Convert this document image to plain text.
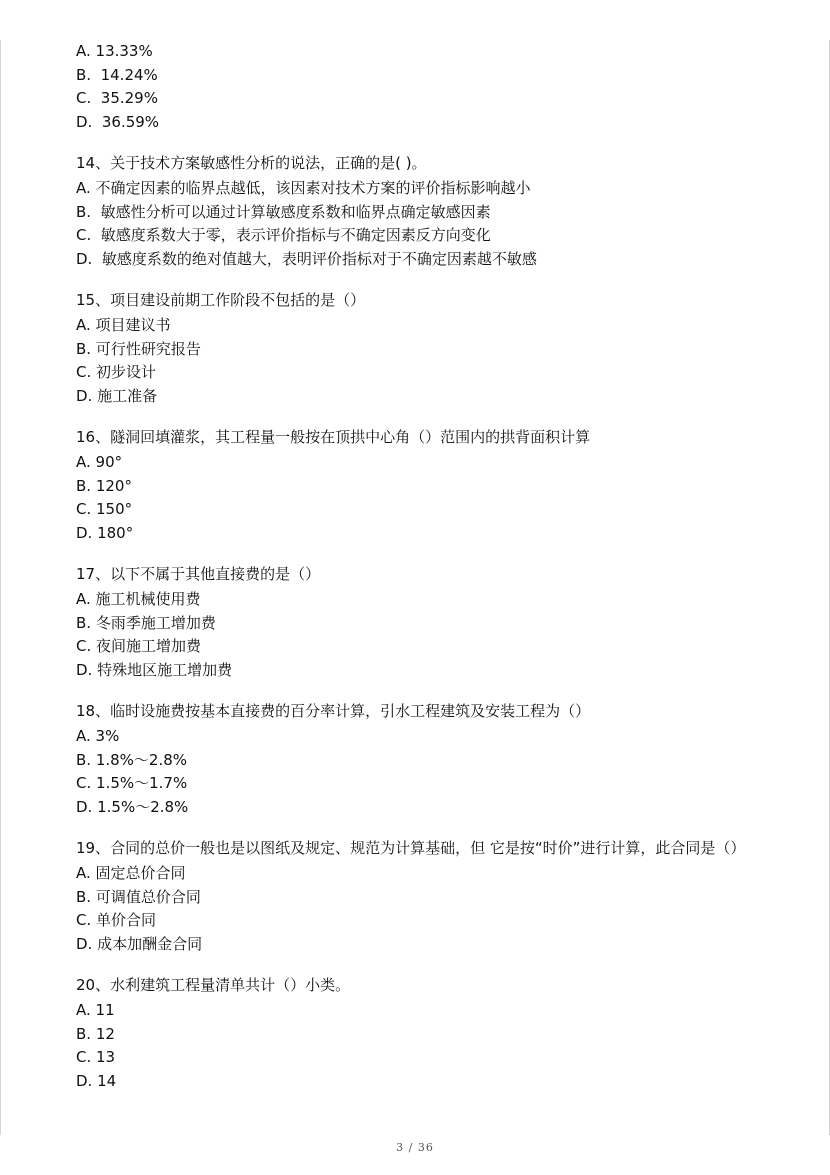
A. 13.33%
B.  14.24%
C.  35.29%
D.  36.59%
14、关于技术方案敏感性分析的说法，正确的是( )。
A. 不确定因素的临界点越低，该因素对技术方案的评价指标影响越小
B.  敏感性分析可以通过计算敏感度系数和临界点确定敏感因素
C.  敏感度系数大于零，表示评价指标与不确定因素反方向变化
D.  敏感度系数的绝对值越大，表明评价指标对于不确定因素越不敏感
15、项目建设前期工作阶段不包括的是（）
A. 项目建议书
B. 可行性研究报告
C. 初步设计
D. 施工准备
16、隧洞回填灌浆，其工程量一般按在顶拱中心角（）范围内的拱背面积计算
A. 90°
B. 120°
C. 150°
D. 180°
17、以下不属于其他直接费的是（）
A. 施工机械使用费
B. 冬雨季施工增加费
C. 夜间施工增加费
D. 特殊地区施工增加费
18、临时设施费按基本直接费的百分率计算，引水工程建筑及安装工程为（）
A. 3%
B. 1.8%～2.8%
C. 1.5%～1.7%
D. 1.5%～2.8%
19、合同的总价一般也是以图纸及规定、规范为计算基础，但 它是按“时价”进行计算，此合同是（）
A. 固定总价合同
B. 可调值总价合同
C. 单价合同
D. 成本加酬金合同
20、水利建筑工程量清单共计（）小类。
A. 11
B. 12
C. 13
D. 14
3 / 36
